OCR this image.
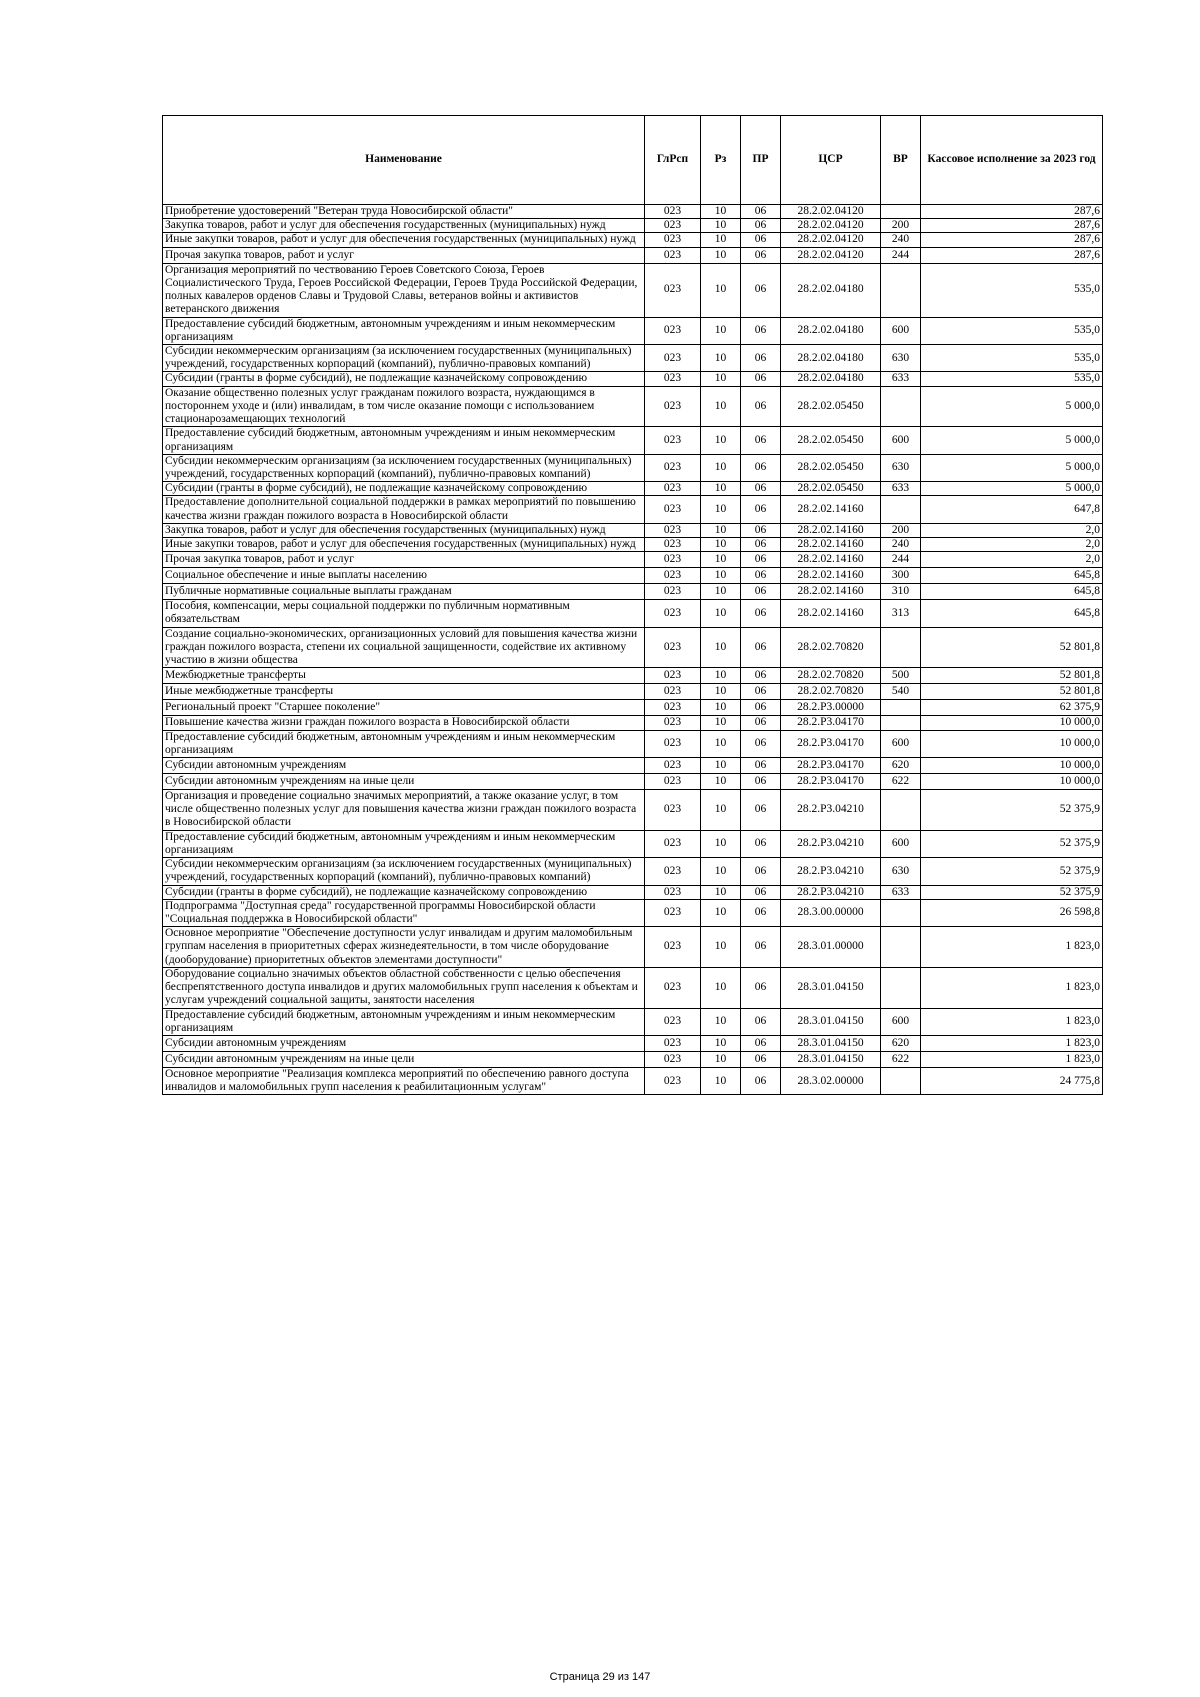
Наименование	ГлРсп	Рз	ПР	ЦСР	ВР	Кассовое исполнение за 2023 год
Приобретение удостоверений "Ветеран труда Новосибирской области"	023	10	06	28.2.02.04120		287,6
Закупка товаров, работ и услуг для обеспечения государственных (муниципальных) нужд	023	10	06	28.2.02.04120	200	287,6
Иные закупки товаров, работ и услуг для обеспечения государственных (муниципальных) нужд	023	10	06	28.2.02.04120	240	287,6
Прочая закупка товаров, работ и услуг	023	10	06	28.2.02.04120	244	287,6
Организация мероприятий по чествованию Героев Советского Союза, Героев Социалистического Труда, Героев Российской Федерации, Героев Труда Российской Федерации, полных кавалеров орденов Славы и Трудовой Славы, ветеранов войны и активистов ветеранского движения	023	10	06	28.2.02.04180		535,0
Предоставление субсидий бюджетным, автономным учреждениям и иным некоммерческим организациям	023	10	06	28.2.02.04180	600	535,0
Субсидии некоммерческим организациям (за исключением государственных (муниципальных) учреждений, государственных корпораций (компаний), публично-правовых компаний)	023	10	06	28.2.02.04180	630	535,0
Субсидии (гранты в форме субсидий), не подлежащие казначейскому сопровождению	023	10	06	28.2.02.04180	633	535,0
Оказание общественно полезных услуг гражданам пожилого возраста, нуждающимся в постороннем уходе и (или) инвалидам, в том числе оказание помощи с использованием стационарозамещающих технологий	023	10	06	28.2.02.05450		5 000,0
Предоставление субсидий бюджетным, автономным учреждениям и иным некоммерческим организациям	023	10	06	28.2.02.05450	600	5 000,0
Субсидии некоммерческим организациям (за исключением государственных (муниципальных) учреждений, государственных корпораций (компаний), публично-правовых компаний)	023	10	06	28.2.02.05450	630	5 000,0
Субсидии (гранты в форме субсидий), не подлежащие казначейскому сопровождению	023	10	06	28.2.02.05450	633	5 000,0
Предоставление дополнительной социальной поддержки в рамках мероприятий по повышению качества жизни граждан пожилого возраста в Новосибирской области	023	10	06	28.2.02.14160		647,8
Закупка товаров, работ и услуг для обеспечения государственных (муниципальных) нужд	023	10	06	28.2.02.14160	200	2,0
Иные закупки товаров, работ и услуг для обеспечения государственных (муниципальных) нужд	023	10	06	28.2.02.14160	240	2,0
Прочая закупка товаров, работ и услуг	023	10	06	28.2.02.14160	244	2,0
Социальное обеспечение и иные выплаты населению	023	10	06	28.2.02.14160	300	645,8
Публичные нормативные социальные выплаты гражданам	023	10	06	28.2.02.14160	310	645,8
Пособия, компенсации, меры социальной поддержки по публичным нормативным обязательствам	023	10	06	28.2.02.14160	313	645,8
Создание социально-экономических, организационных условий для повышения качества жизни граждан пожилого возраста, степени их социальной защищенности, содействие их активному участию в жизни общества	023	10	06	28.2.02.70820		52 801,8
Межбюджетные трансферты	023	10	06	28.2.02.70820	500	52 801,8
Иные межбюджетные трансферты	023	10	06	28.2.02.70820	540	52 801,8
Региональный проект "Старшее поколение"	023	10	06	28.2.Р3.00000		62 375,9
Повышение качества жизни граждан пожилого возраста в Новосибирской области	023	10	06	28.2.Р3.04170		10 000,0
Предоставление субсидий бюджетным, автономным учреждениям и иным некоммерческим организациям	023	10	06	28.2.Р3.04170	600	10 000,0
Субсидии автономным учреждениям	023	10	06	28.2.Р3.04170	620	10 000,0
Субсидии автономным учреждениям на иные цели	023	10	06	28.2.Р3.04170	622	10 000,0
Организация и проведение социально значимых мероприятий, а также оказание услуг, в том числе общественно полезных услуг для повышения качества жизни граждан пожилого возраста в Новосибирской области	023	10	06	28.2.Р3.04210		52 375,9
Предоставление субсидий бюджетным, автономным учреждениям и иным некоммерческим организациям	023	10	06	28.2.Р3.04210	600	52 375,9
Субсидии некоммерческим организациям (за исключением государственных (муниципальных) учреждений, государственных корпораций (компаний), публично-правовых компаний)	023	10	06	28.2.Р3.04210	630	52 375,9
Субсидии (гранты в форме субсидий), не подлежащие казначейскому сопровождению	023	10	06	28.2.Р3.04210	633	52 375,9
Подпрограмма "Доступная среда" государственной программы Новосибирской области "Социальная поддержка в Новосибирской области"	023	10	06	28.3.00.00000		26 598,8
Основное мероприятие "Обеспечение доступности услуг инвалидам и другим маломобильным группам населения в приоритетных сферах жизнедеятельности, в том числе оборудование (дооборудование) приоритетных объектов элементами доступности"	023	10	06	28.3.01.00000		1 823,0
Оборудование социально значимых объектов областной собственности с целью обеспечения беспрепятственного доступа инвалидов и других маломобильных групп населения к объектам и услугам учреждений социальной защиты, занятости населения	023	10	06	28.3.01.04150		1 823,0
Предоставление субсидий бюджетным, автономным учреждениям и иным некоммерческим организациям	023	10	06	28.3.01.04150	600	1 823,0
Субсидии автономным учреждениям	023	10	06	28.3.01.04150	620	1 823,0
Субсидии автономным учреждениям на иные цели	023	10	06	28.3.01.04150	622	1 823,0
Основное мероприятие "Реализация комплекса мероприятий по обеспечению равного доступа инвалидов и маломобильных групп населения к реабилитационным услугам"	023	10	06	28.3.02.00000		24 775,8
Страница 29 из 147
